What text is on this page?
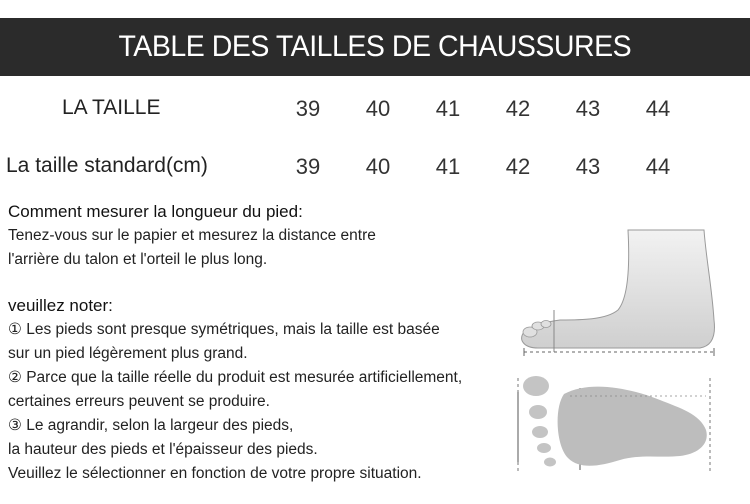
TABLE DES TAILLES DE CHAUSSURES
LA TAILLE	39	40	41	42	43	44
La taille standard(cm)	39	40	41	42	43	44
Comment mesurer la longueur du pied:
Tenez-vous sur le papier et mesurez la distance entre
l'arrière du talon et l'orteil le plus long.
veuillez noter:
① Les pieds sont presque symétriques, mais la taille est basée
sur un pied légèrement plus grand.
② Parce que la taille réelle du produit est mesurée artificiellement,
certaines erreurs peuvent se produire.
③ Le agrandir, selon la largeur des pieds,
la hauteur des pieds et l'épaisseur des pieds.
Veuillez le sélectionner en fonction de votre propre situation.
